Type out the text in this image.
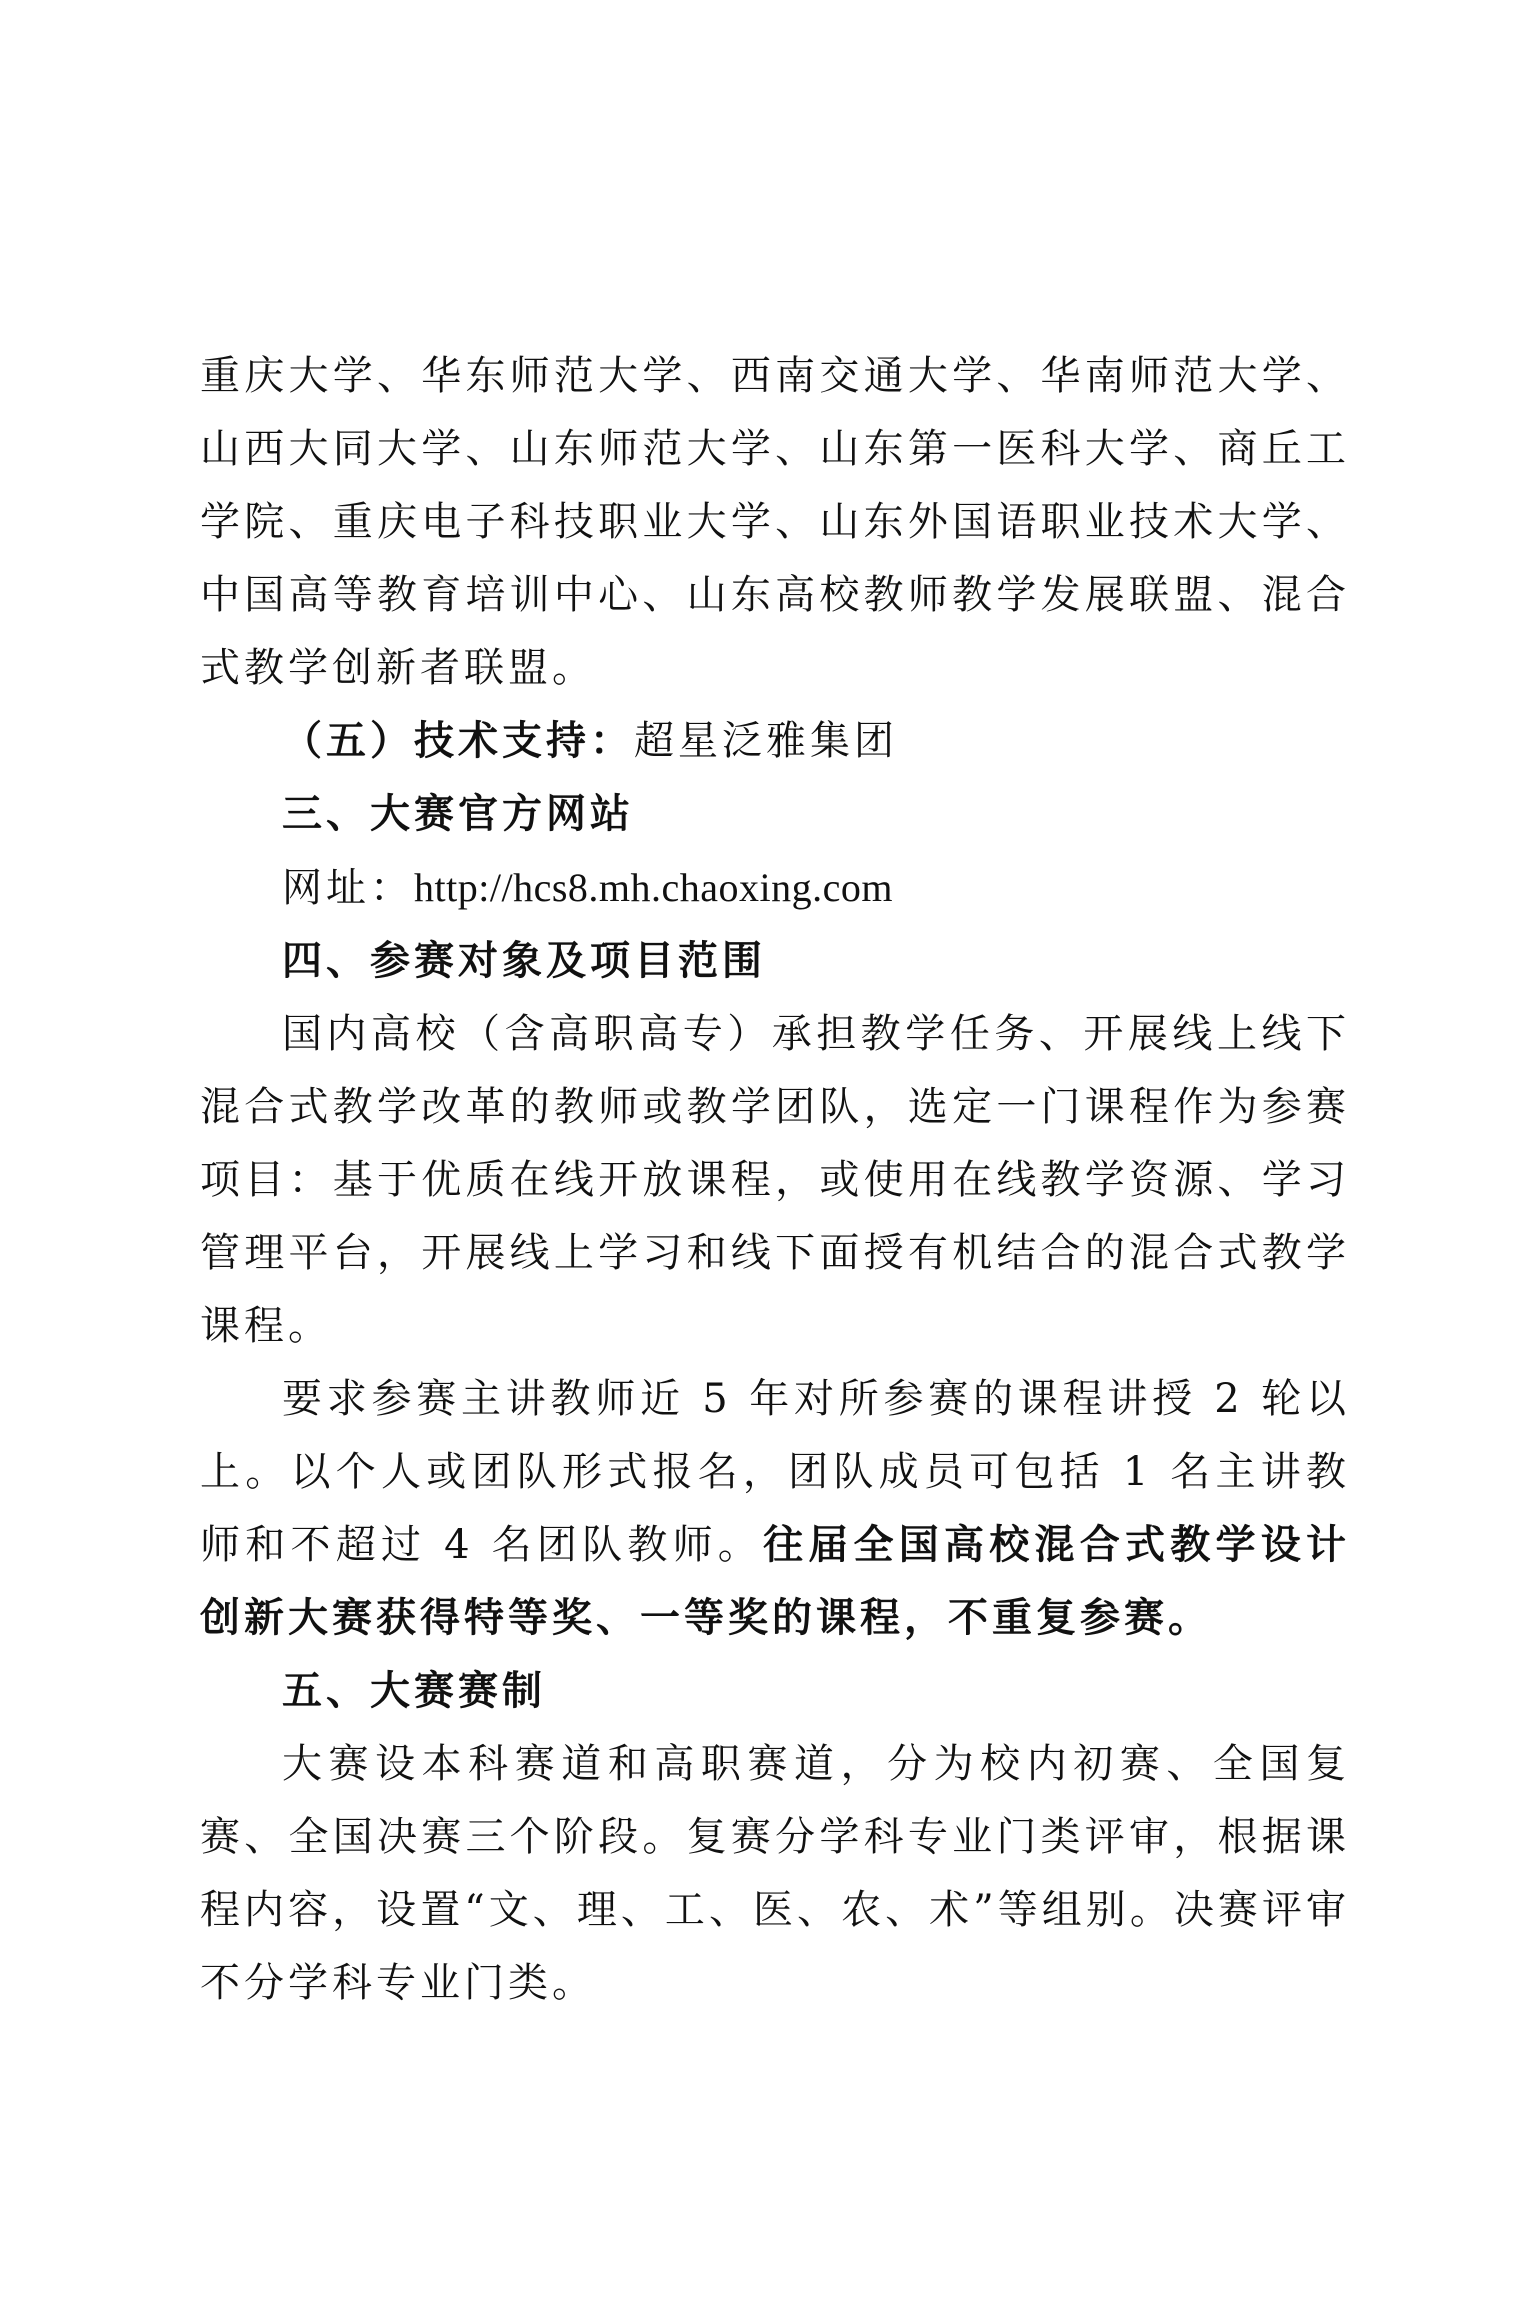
重庆大学、华东师范大学、西南交通大学、华南师范大学、山西大同大学、山东师范大学、山东第一医科大学、商丘工学院、重庆电子科技职业大学、山东外国语职业技术大学、中国高等教育培训中心、山东高校教师教学发展联盟、混合式教学创新者联盟。

（五）技术支持：超星泛雅集团

三、大赛官方网站

网址：http://hcs8.mh.chaoxing.com

四、参赛对象及项目范围

国内高校（含高职高专）承担教学任务、开展线上线下混合式教学改革的教师或教学团队，选定一门课程作为参赛项目：基于优质在线开放课程，或使用在线教学资源、学习管理平台，开展线上学习和线下面授有机结合的混合式教学课程。

要求参赛主讲教师近 5 年对所参赛的课程讲授 2 轮以上。以个人或团队形式报名，团队成员可包括 1 名主讲教师和不超过 4 名团队教师。往届全国高校混合式教学设计创新大赛获得特等奖、一等奖的课程，不重复参赛。

五、大赛赛制

大赛设本科赛道和高职赛道，分为校内初赛、全国复赛、全国决赛三个阶段。复赛分学科专业门类评审，根据课程内容，设置“文、理、工、医、农、术”等组别。决赛评审不分学科专业门类。
